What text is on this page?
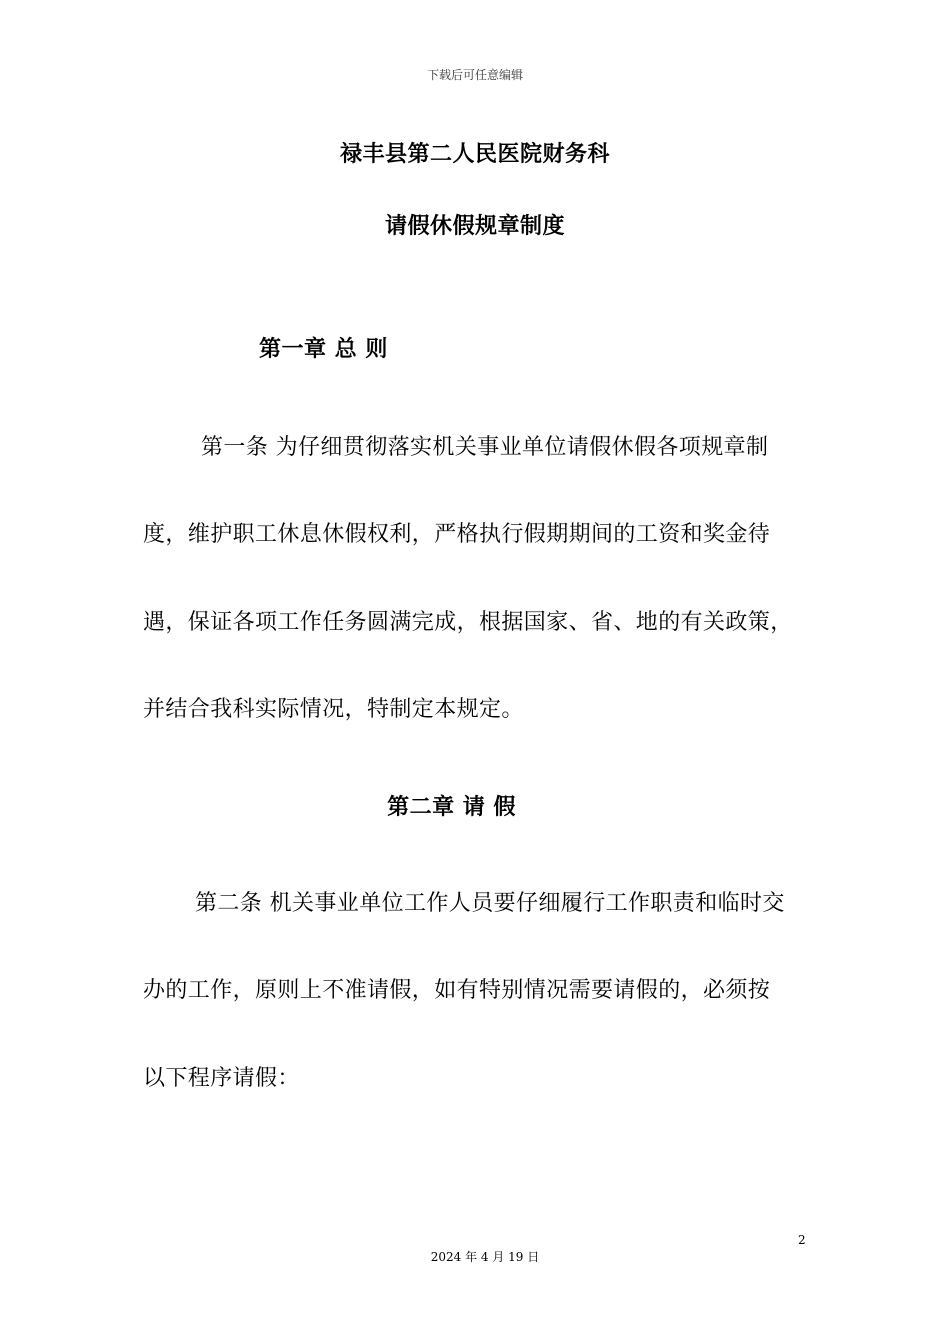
下载后可任意编辑
禄丰县第二人民医院财务科
请假休假规章制度
第一章 总 则
第一条 为仔细贯彻落实机关事业单位请假休假各项规章制
度，维护职工休息休假权利，严格执行假期期间的工资和奖金待
遇，保证各项工作任务圆满完成，根据国家、省、地的有关政策，
并结合我科实际情况，特制定本规定。
第二章 请 假
第二条 机关事业单位工作人员要仔细履行工作职责和临时交
办的工作，原则上不准请假，如有特别情况需要请假的，必须按
以下程序请假：
2
2024 年 4 月 19 日
